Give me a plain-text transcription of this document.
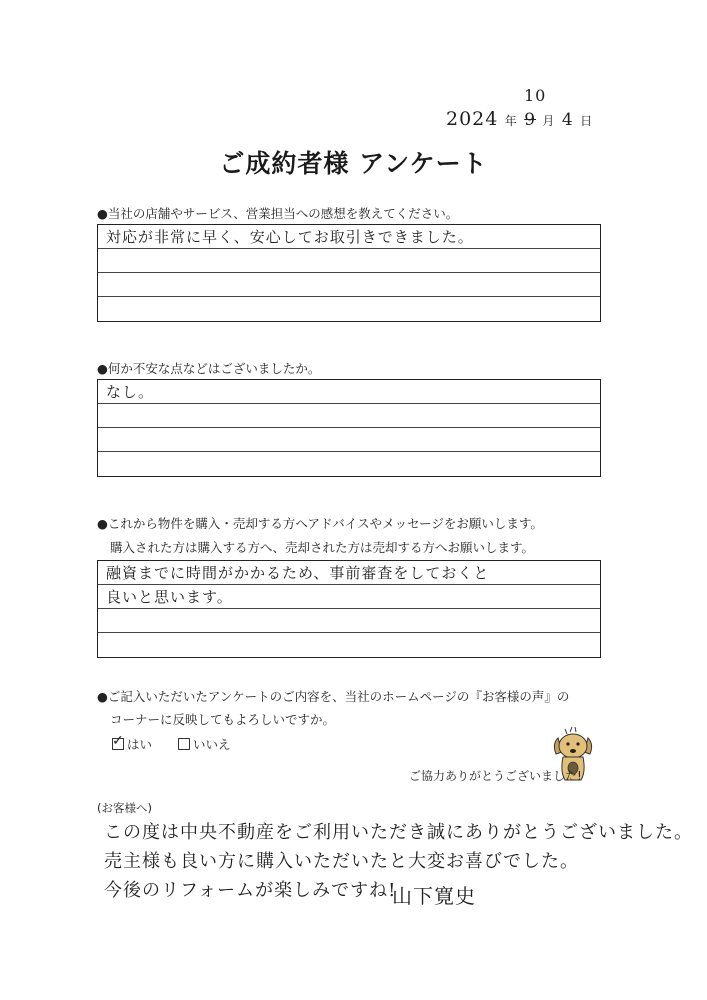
2024 年 9 月 4 日
10
ご成約者様 アンケート
●当社の店舗やサービス、営業担当への感想を教えてください。
対応が非常に早く、安心してお取引きできました。
●何か不安な点などはございましたか。
なし。
●これから物件を購入・売却する方へアドバイスやメッセージをお願いします。
購入された方は購入する方へ、売却された方は売却する方へお願いします。
融資までに時間がかかるため、事前審査をしておくと
良いと思います。
●ご記入いただいたアンケートのご内容を、当社のホームページの『お客様の声』の
コーナーに反映してもよろしいですか。
✓はい	いいえ
ご協力ありがとうございました!
(お客様へ)
この度は中央不動産をご利用いただき誠にありがとうございました。
売主様も良い方に購入いただいたと大変お喜びでした。
今後のリフォームが楽しみですね!
山下寛史
